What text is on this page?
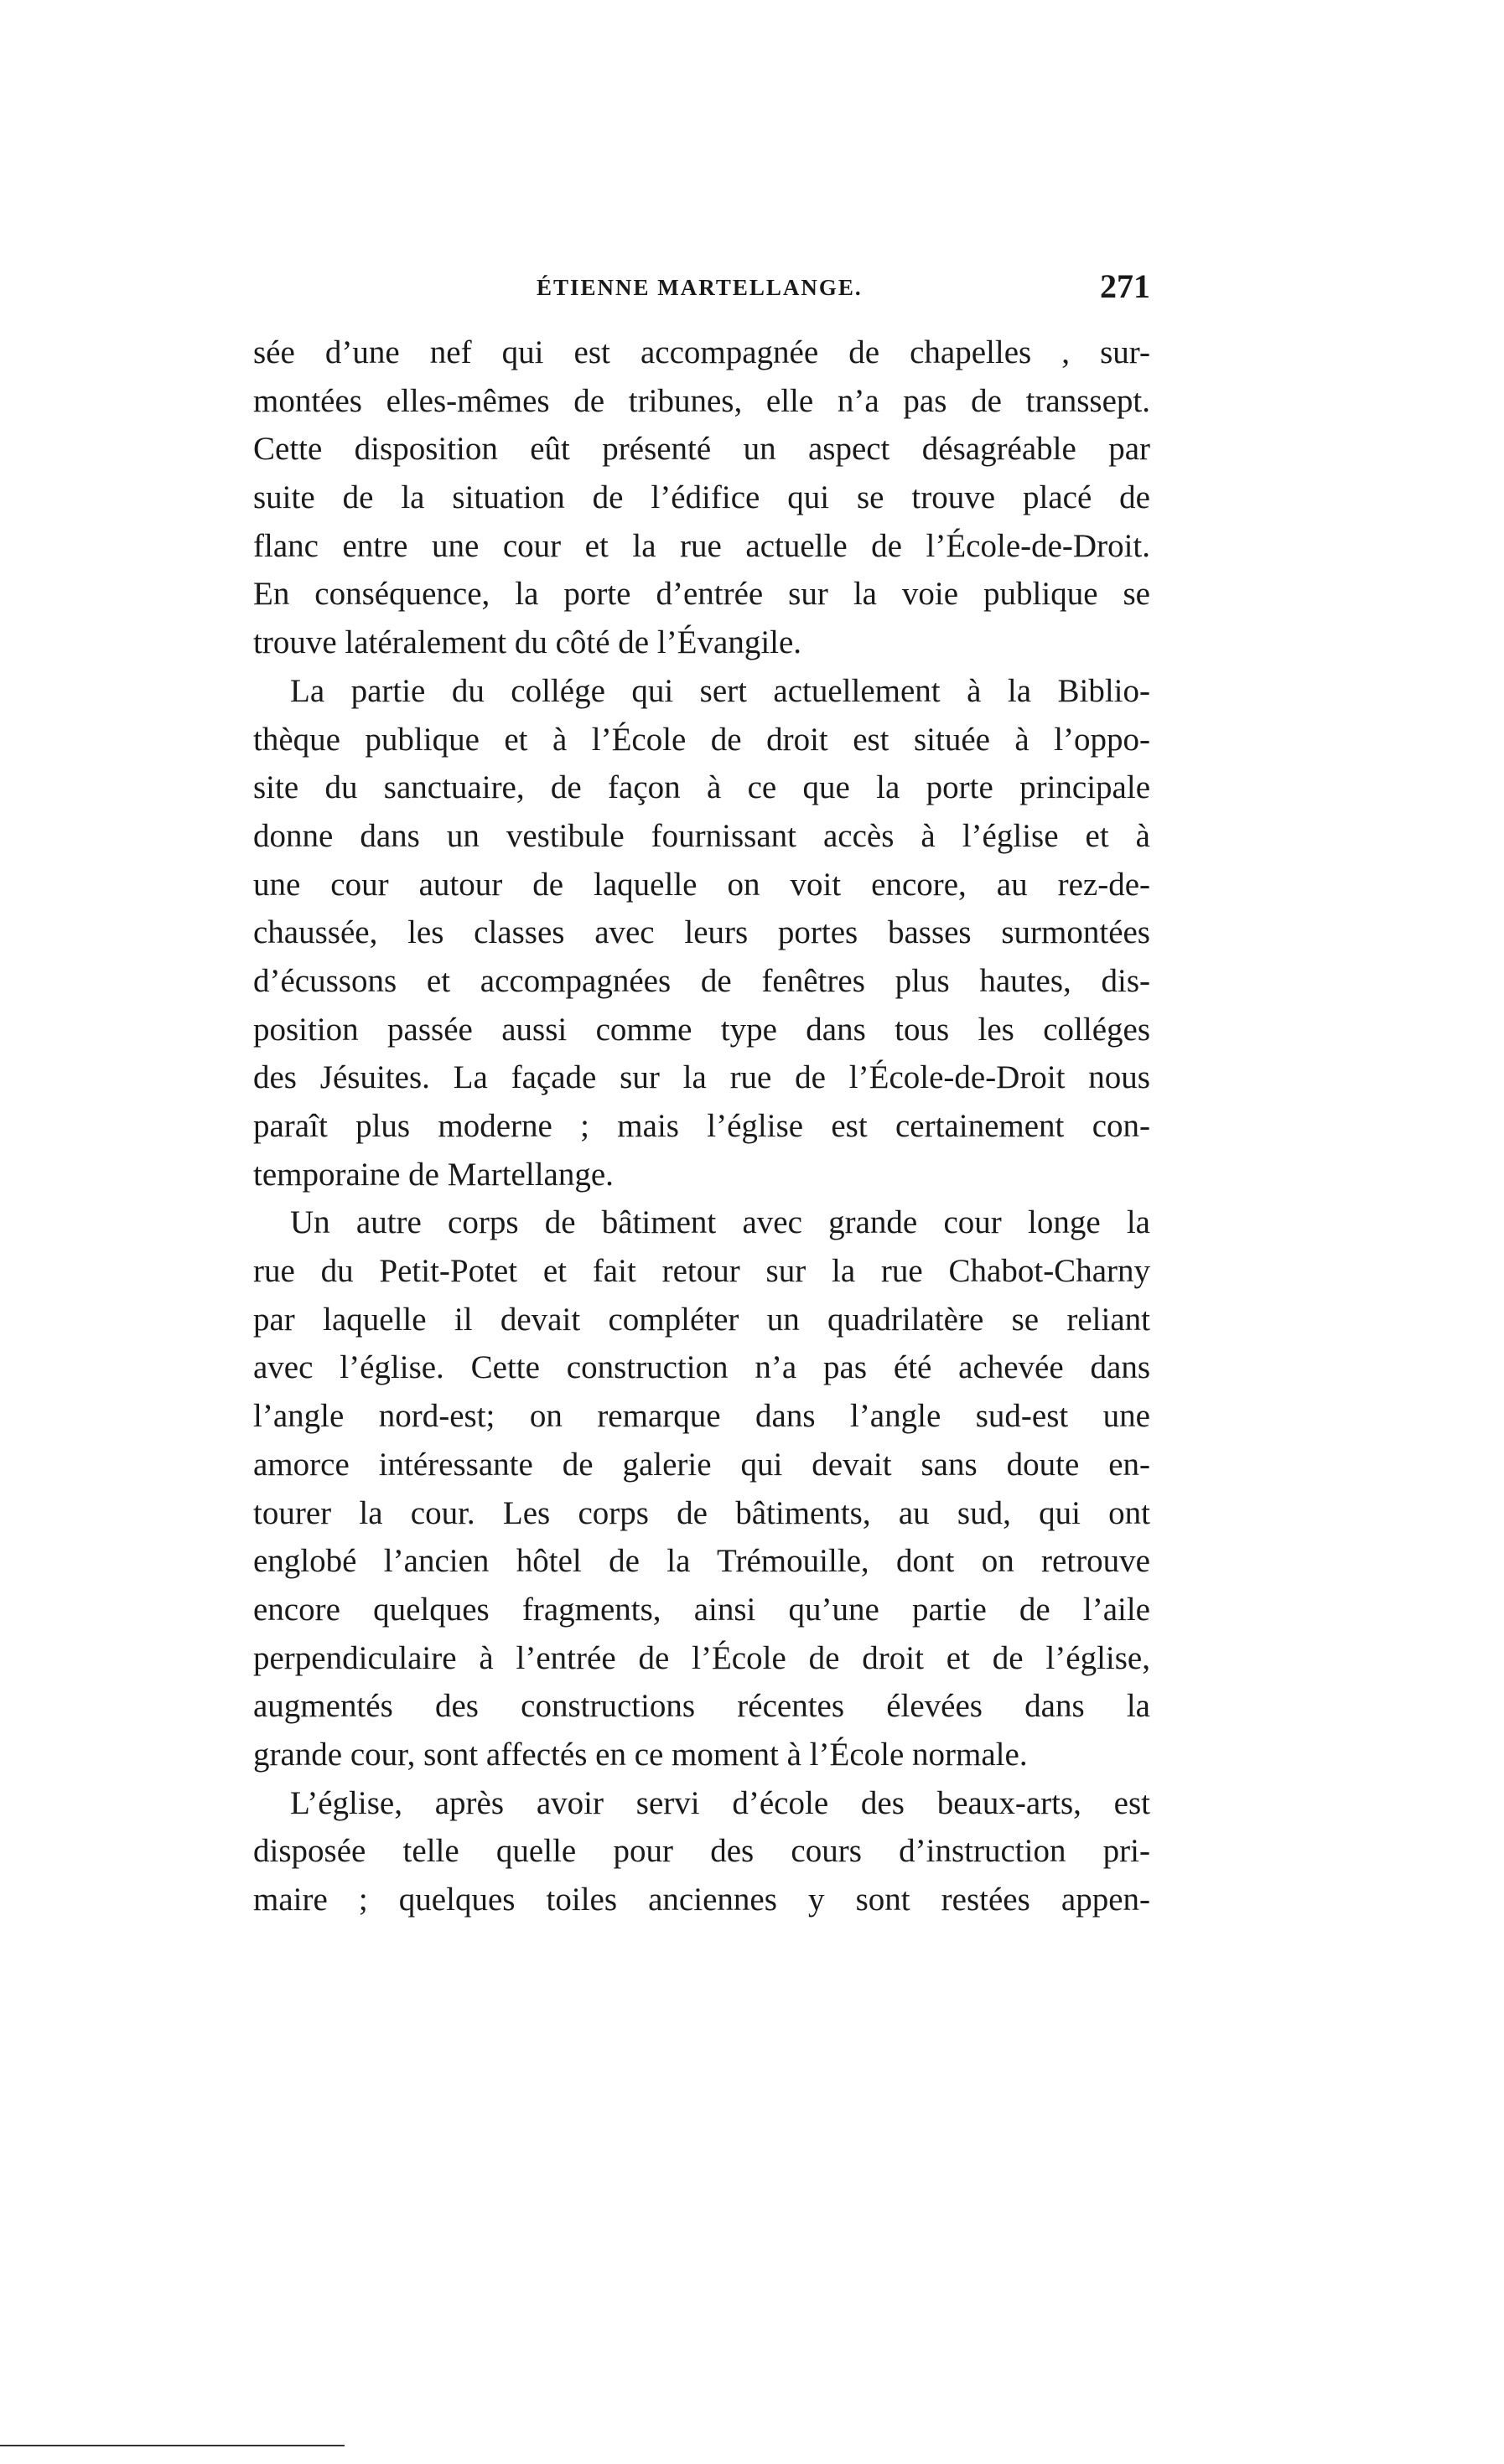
ÉTIENNE MARTELLANGE.	271
sée d’une nef qui est accompagnée de chapelles , sur-
montées elles-mêmes de tribunes, elle n’a pas de transsept.
Cette disposition eût présenté un aspect désagréable par
suite de la situation de l’édifice qui se trouve placé de
flanc entre une cour et la rue actuelle de l’École-de-Droit.
En conséquence, la porte d’entrée sur la voie publique se
trouve latéralement du côté de l’Évangile.
La partie du collége qui sert actuellement à la Biblio-
thèque publique et à l’École de droit est située à l’oppo-
site du sanctuaire, de façon à ce que la porte principale
donne dans un vestibule fournissant accès à l’église et à
une cour autour de laquelle on voit encore, au rez-de-
chaussée, les classes avec leurs portes basses surmontées
d’écussons et accompagnées de fenêtres plus hautes, dis-
position passée aussi comme type dans tous les colléges
des Jésuites. La façade sur la rue de l’École-de-Droit nous
paraît plus moderne ; mais l’église est certainement con-
temporaine de Martellange.
Un autre corps de bâtiment avec grande cour longe la
rue du Petit-Potet et fait retour sur la rue Chabot-Charny
par laquelle il devait compléter un quadrilatère se reliant
avec l’église. Cette construction n’a pas été achevée dans
l’angle nord-est; on remarque dans l’angle sud-est une
amorce intéressante de galerie qui devait sans doute en-
tourer la cour. Les corps de bâtiments, au sud, qui ont
englobé l’ancien hôtel de la Trémouille, dont on retrouve
encore quelques fragments, ainsi qu’une partie de l’aile
perpendiculaire à l’entrée de l’École de droit et de l’église,
augmentés des constructions récentes élevées dans la
grande cour, sont affectés en ce moment à l’École normale.
L’église, après avoir servi d’école des beaux-arts, est
disposée telle quelle pour des cours d’instruction pri-
maire ; quelques toiles anciennes y sont restées appen-
